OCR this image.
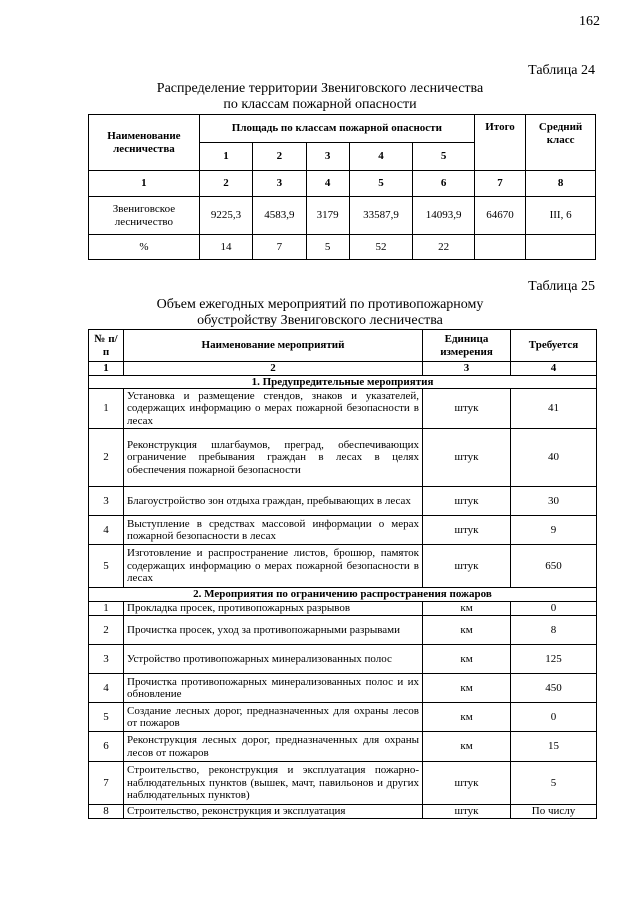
162
Таблица 24
Распределение территории Звениговского лесничества
по классам пожарной опасности
Наименование лесничества	Площадь по классам пожарной опасности					Итого	Средний класс
	1	2	3	4	5		
1	2	3	4	5	6	7	8
Звениговское лесничество	9225,3	4583,9	3179	33587,9	14093,9	64670	III, 6
%	14	7	5	52	22		
Таблица 25
Объем ежегодных мероприятий по противопожарному
обустройству Звениговского лесничества
№ п/п	Наименование мероприятий	Единица измерения	Требуется
1	2	3	4
1. Предупредительные мероприятия			
1	Установка и размещение стендов, знаков и указателей, содержащих информацию о мерах пожарной безопасности в лесах	штук	41
2	Реконструкция шлагбаумов, преград, обеспечивающих ограничение пребывания граждан в лесах в целях обеспечения пожарной безопасности	штук	40
3	Благоустройство зон отдыха граждан, пребывающих в лесах	штук	30
4	Выступление в средствах массовой информации о мерах пожарной безопасности в лесах	штук	9
5	Изготовление и распространение листов, брошюр, памяток содержащих информацию о мерах пожарной безопасности в лесах	штук	650
2. Мероприятия по ограничению распространения пожаров			
1	Прокладка просек, противопожарных разрывов	км	0
2	Прочистка просек, уход за противопожарными разрывами	км	8
3	Устройство противопожарных минерализованных полос	км	125
4	Прочистка противопожарных минерализованных полос и их обновление	км	450
5	Создание лесных дорог, предназначенных для охраны лесов от пожаров	км	0
6	Реконструкция лесных дорог, предназначенных для охраны лесов от пожаров	км	15
7	Строительство, реконструкция и эксплуатация пожарно-наблюдательных пунктов (вышек, мачт, павильонов и других наблюдательных пунктов)	штук	5
8	Строительство, реконструкция и эксплуатация	штук	По числу
